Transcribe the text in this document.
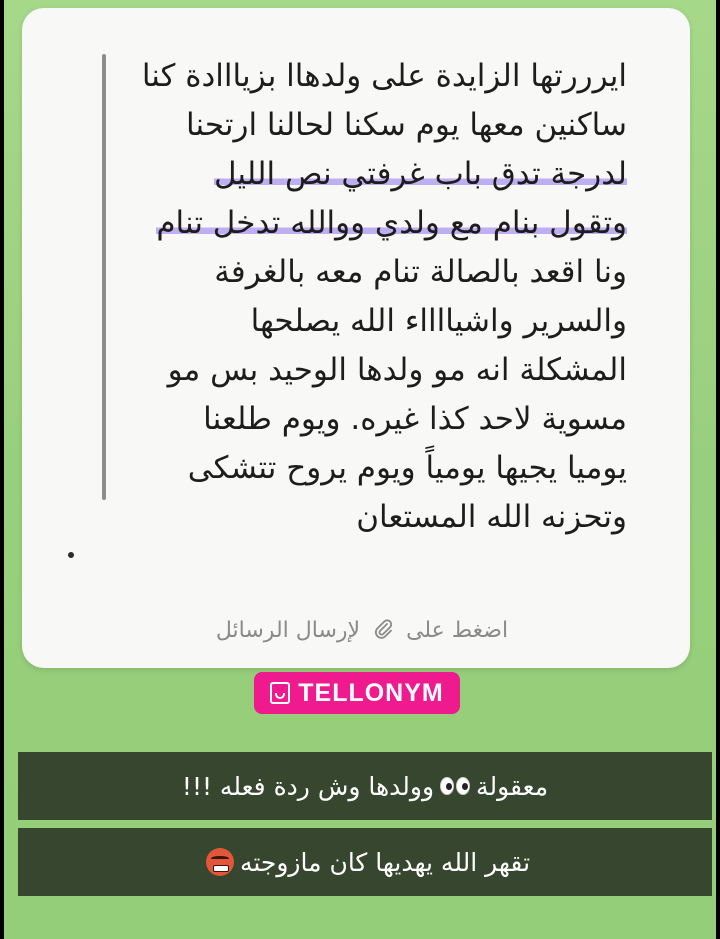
ايرررتها الزايدة على ولدهاا بزيااادة كنا
ساكنين معها يوم سكنا لحالنا ارتحنا
لدرجة تدق باب غرفتي نص الليل
وتقول بنام مع ولدي ووالله تدخل تنام
ونا اقعد بالصالة تنام معه بالغرفة
والسرير واشيااااء الله يصلحها
المشكلة انه مو ولدها الوحيد بس مو
مسوية لاحد كذا غيره. ويوم طلعنا
يوميا يجيها يومياً ويوم يروح تتشكى
وتحزنه الله المستعان

اضغط على  لإرسال الرسائل
TELLONYM
معقولة
وولدها وش ردة فعله !!!
تقهر الله يهديها كان مازوجته
